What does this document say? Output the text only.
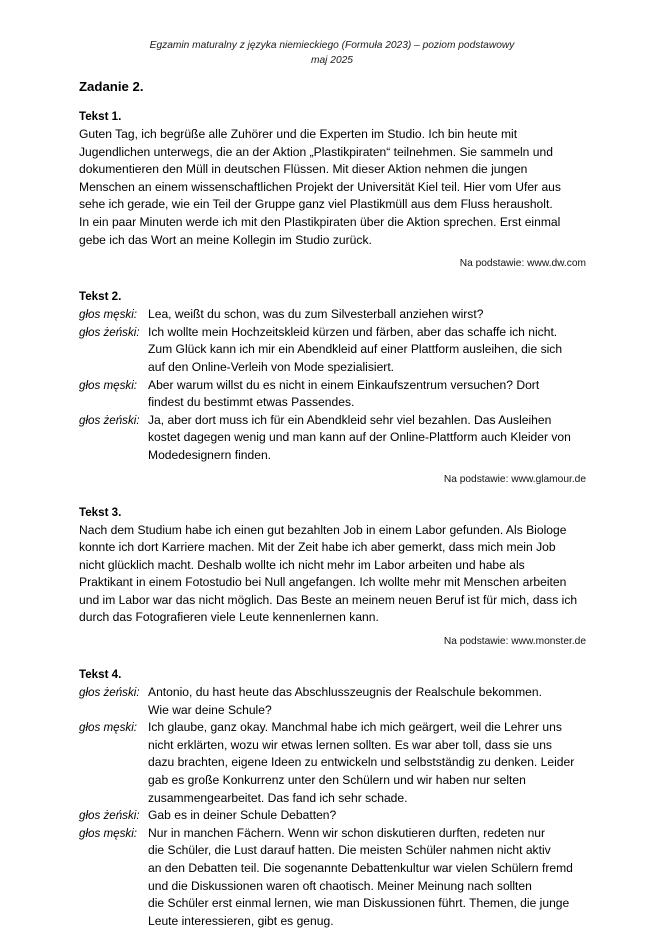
Egzamin maturalny z języka niemieckiego (Formuła 2023) – poziom podstawowy
maj 2025
Zadanie 2.
Tekst 1.

Guten Tag, ich begrüße alle Zuhörer und die Experten im Studio. Ich bin heute mit
Jugendlichen unterwegs, die an der Aktion „Plastikpiraten“ teilnehmen. Sie sammeln und
dokumentieren den Müll in deutschen Flüssen. Mit dieser Aktion nehmen die jungen
Menschen an einem wissenschaftlichen Projekt der Universität Kiel teil. Hier vom Ufer aus
sehe ich gerade, wie ein Teil der Gruppe ganz viel Plastikmüll aus dem Fluss herausholt.
In ein paar Minuten werde ich mit den Plastikpiraten über die Aktion sprechen. Erst einmal
gebe ich das Wort an meine Kollegin im Studio zurück.

Na podstawie: www.dw.com
Tekst 2.
głos męski: Lea, weißt du schon, was du zum Silvesterball anziehen wirst?
głos żeński: Ich wollte mein Hochzeitskleid kürzen und färben, aber das schaffe ich nicht.
Zum Glück kann ich mir ein Abendkleid auf einer Plattform ausleihen, die sich
auf den Online-Verleih von Mode spezialisiert.
głos męski: Aber warum willst du es nicht in einem Einkaufszentrum versuchen? Dort
findest du bestimmt etwas Passendes.
głos żeński: Ja, aber dort muss ich für ein Abendkleid sehr viel bezahlen. Das Ausleihen
kostet dagegen wenig und man kann auf der Online-Plattform auch Kleider von
Modedesignern finden.
Na podstawie: www.glamour.de
Tekst 3.

Nach dem Studium habe ich einen gut bezahlten Job in einem Labor gefunden. Als Biologe
konnte ich dort Karriere machen. Mit der Zeit habe ich aber gemerkt, dass mich mein Job
nicht glücklich macht. Deshalb wollte ich nicht mehr im Labor arbeiten und habe als
Praktikant in einem Fotostudio bei Null angefangen. Ich wollte mehr mit Menschen arbeiten
und im Labor war das nicht möglich. Das Beste an meinem neuen Beruf ist für mich, dass ich
durch das Fotografieren viele Leute kennenlernen kann.

Na podstawie: www.monster.de
Tekst 4.
głos żeński: Antonio, du hast heute das Abschlusszeugnis der Realschule bekommen.
Wie war deine Schule?
głos męski: Ich glaube, ganz okay. Manchmal habe ich mich geärgert, weil die Lehrer uns
nicht erklärten, wozu wir etwas lernen sollten. Es war aber toll, dass sie uns
dazu brachten, eigene Ideen zu entwickeln und selbstständig zu denken. Leider
gab es große Konkurrenz unter den Schülern und wir haben nur selten
zusammengearbeitet. Das fand ich sehr schade.
głos żeński: Gab es in deiner Schule Debatten?
głos męski: Nur in manchen Fächern. Wenn wir schon diskutieren durften, redeten nur
die Schüler, die Lust darauf hatten. Die meisten Schüler nahmen nicht aktiv
an den Debatten teil. Die sogenannte Debattenkultur war vielen Schülern fremd
und die Diskussionen waren oft chaotisch. Meiner Meinung nach sollten
die Schüler erst einmal lernen, wie man Diskussionen führt. Themen, die junge
Leute interessieren, gibt es genug.
